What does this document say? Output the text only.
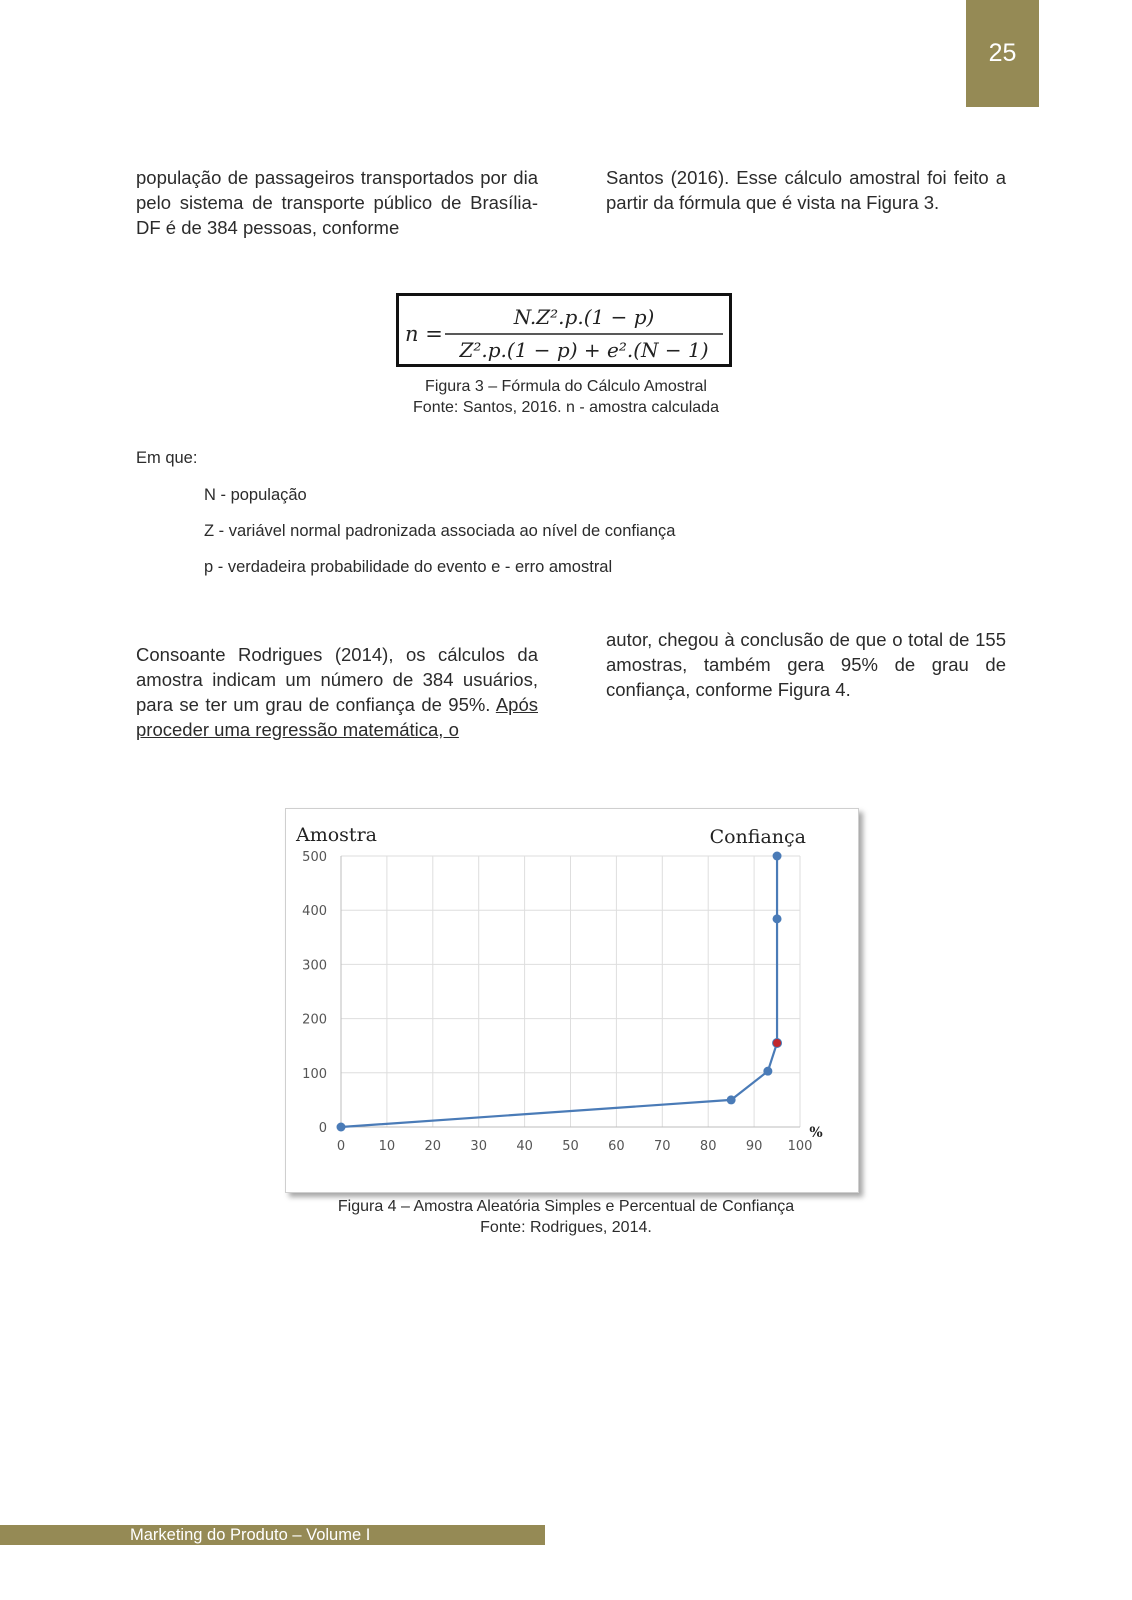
25

população de passageiros transportados por dia pelo sistema de transporte público de Brasília-DF é de 384 pessoas, conforme

Santos (2016). Esse cálculo amostral foi feito a partir da fórmula que é vista na Figura 3.

n =
N.Z².p.(1 − p)
Z².p.(1 − p) + e².(N − 1)
Figura 3 – Fórmula do Cálculo Amostral
Fonte: Santos, 2016. n - amostra calculada
Em que:
N - população
Z - variável normal padronizada associada ao nível de confiança
p - verdadeira probabilidade do evento e - erro amostral

Consoante Rodrigues (2014), os cálculos da amostra indicam um número de 384 usuários, para se ter um grau de confiança de 95%. Após proceder uma regressão matemática, o

autor, chegou à conclusão de que o total de 155 amostras, também gera 95% de grau de confiança, conforme Figura 4.

Amostra	Confiança
0	10 20 30 40 50 60 70 80 90 100
0
100
200
300
400
500
%
Figura 4 – Amostra Aleatória Simples e Percentual de Confiança
Fonte: Rodrigues, 2014.
Marketing do Produto – Volume I
